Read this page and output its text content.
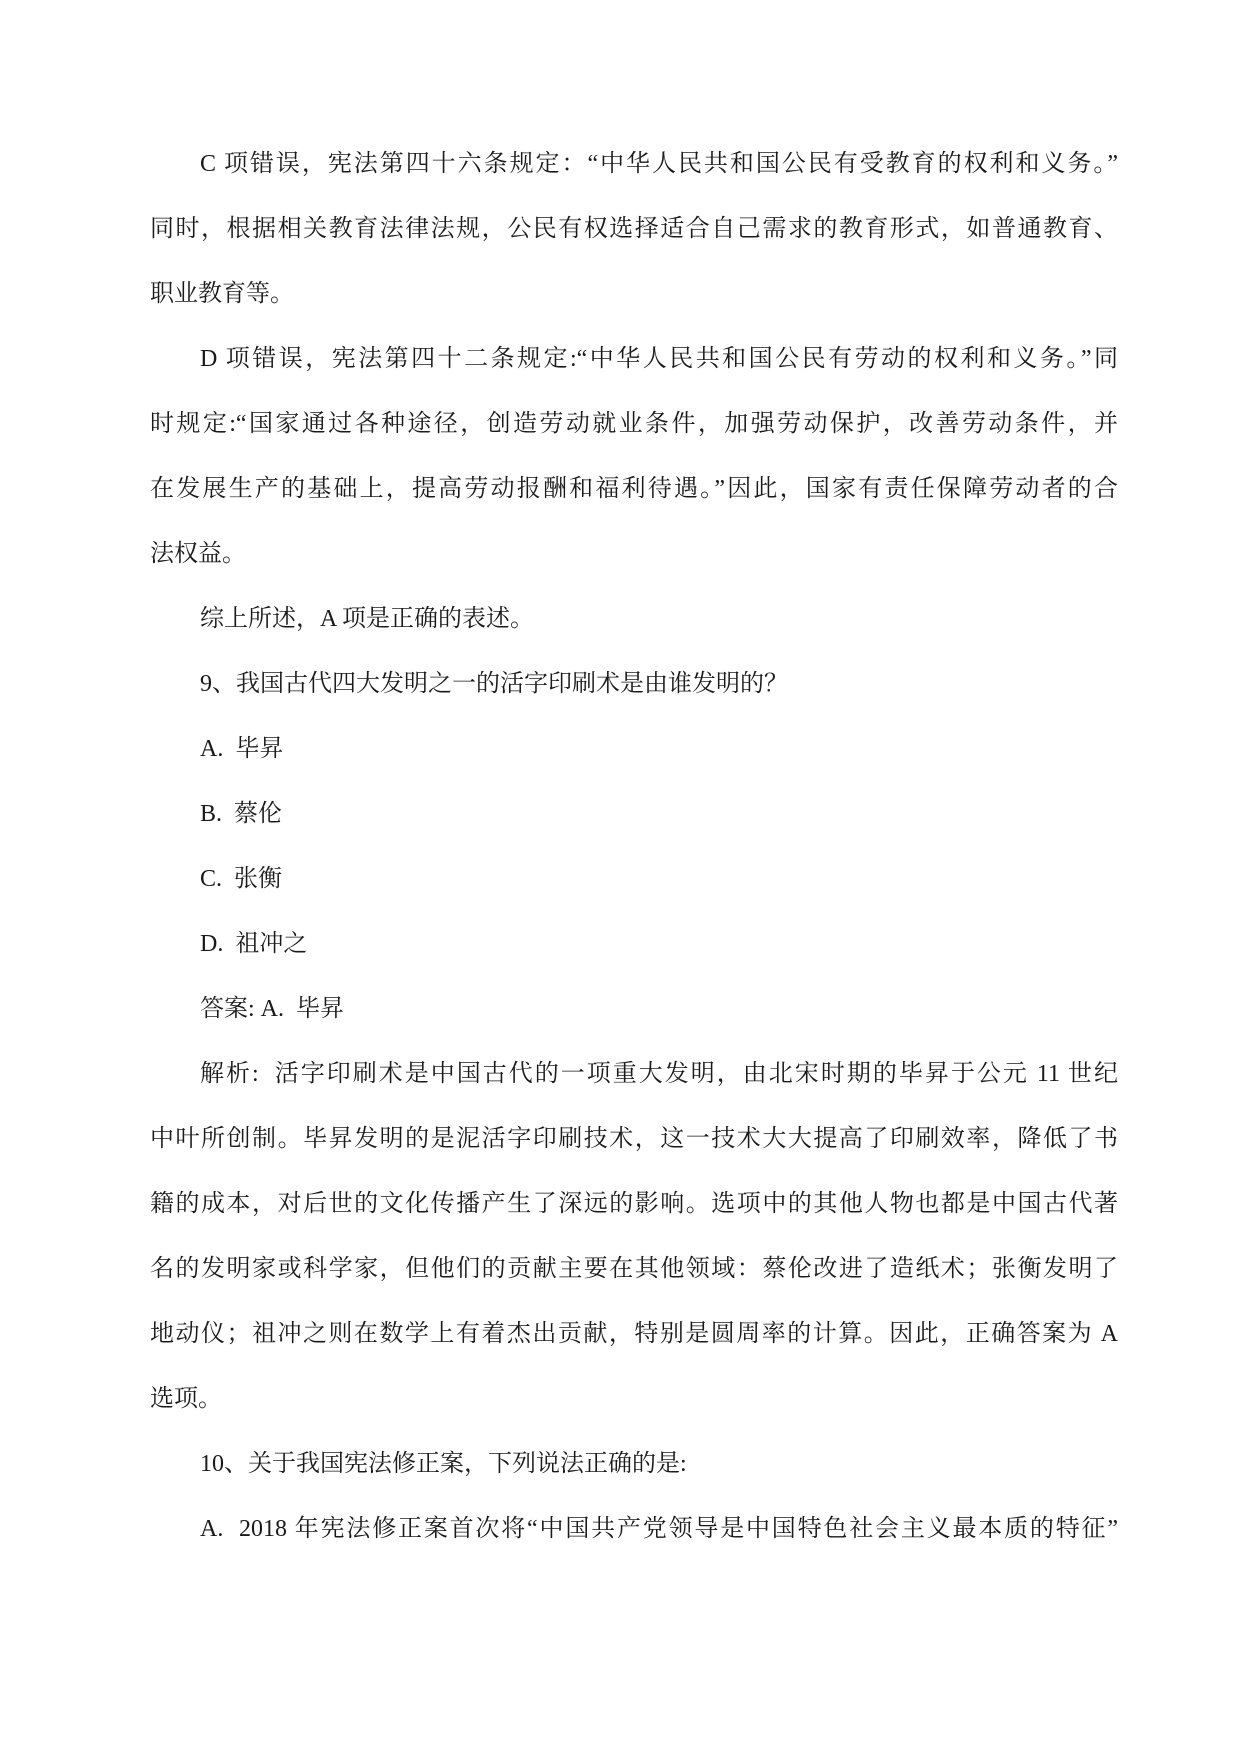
C 项错误，宪法第四十六条规定：“中华人民共和国公民有受教育的权利和义务。”
同时，根据相关教育法律法规，公民有权选择适合自己需求的教育形式，如普通教育、
职业教育等。
D 项错误，宪法第四十二条规定:“中华人民共和国公民有劳动的权利和义务。”同
时规定:“国家通过各种途径，创造劳动就业条件，加强劳动保护，改善劳动条件，并
在发展生产的基础上，提高劳动报酬和福利待遇。”因此，国家有责任保障劳动者的合
法权益。
综上所述，A 项是正确的表述。
9、我国古代四大发明之一的活字印刷术是由谁发明的？
A.  毕昇
B.  蔡伦
C.  张衡
D.  祖冲之
答案: A.  毕昇
解析:  活字印刷术是中国古代的一项重大发明，由北宋时期的毕昇于公元 11 世纪
中叶所创制。毕昇发明的是泥活字印刷技术，这一技术大大提高了印刷效率，降低了书
籍的成本，对后世的文化传播产生了深远的影响。选项中的其他人物也都是中国古代著
名的发明家或科学家，但他们的贡献主要在其他领域：蔡伦改进了造纸术；张衡发明了
地动仪；祖冲之则在数学上有着杰出贡献，特别是圆周率的计算。因此，正确答案为 A
选项。
10、关于我国宪法修正案，下列说法正确的是:
A.  2018 年宪法修正案首次将“中国共产党领导是中国特色社会主义最本质的特征”
